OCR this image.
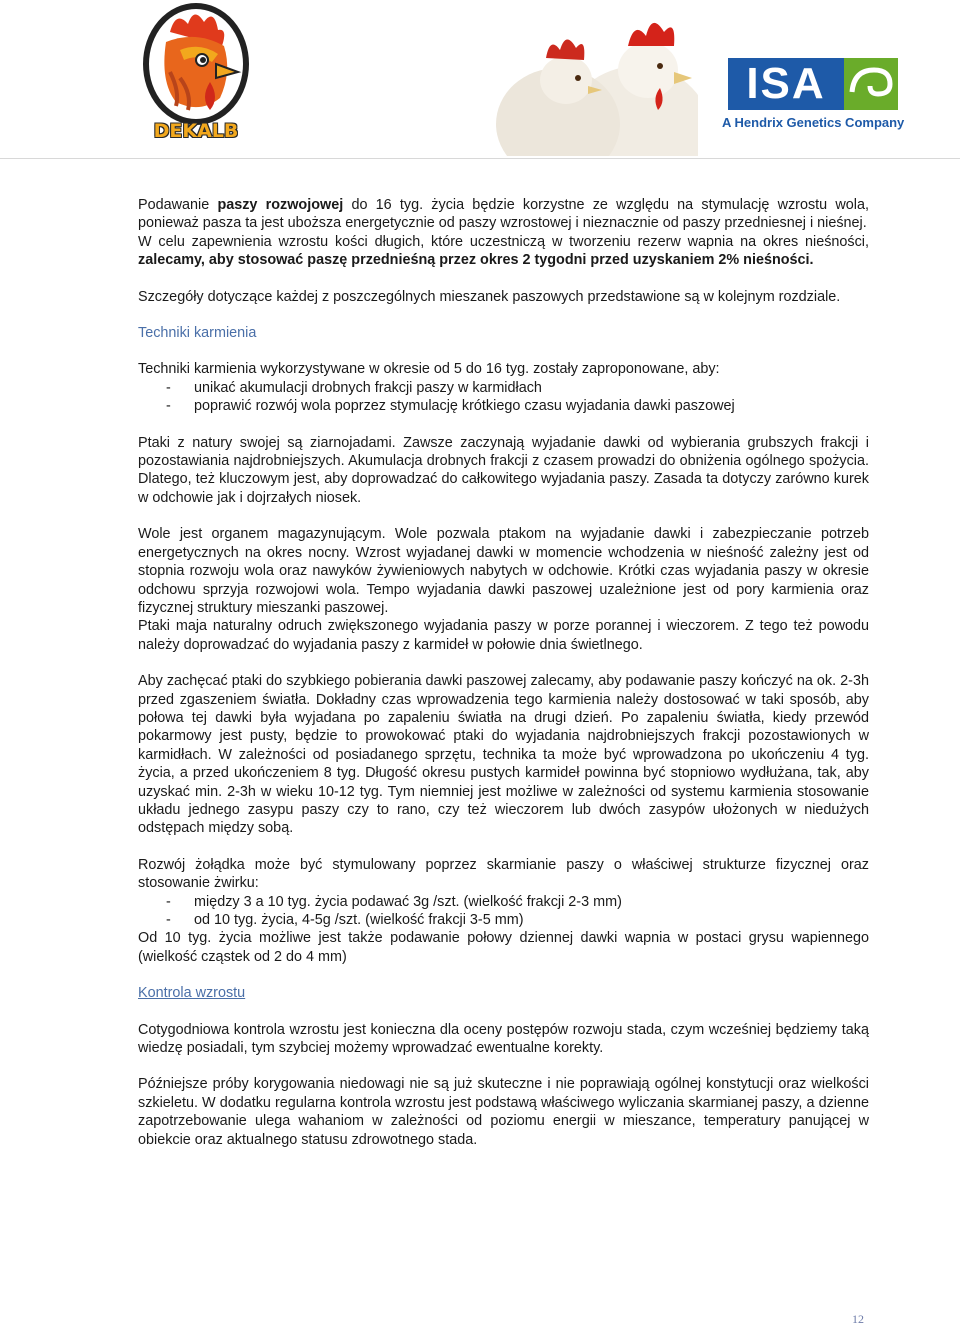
DEKALB
ISA
A Hendrix Genetics Company

Podawanie paszy rozwojowej do 16 tyg. życia będzie korzystne ze względu na stymulację wzrostu wola, ponieważ pasza ta jest uboższa energetycznie od paszy wzrostowej i nieznacznie od paszy przedniesnej i nieśnej.

W celu zapewnienia wzrostu kości długich, które uczestniczą w tworzeniu rezerw wapnia na okres nieśności, zalecamy, aby stosować paszę przednieśną przez okres 2 tygodni przed uzyskaniem 2% nieśności.

Szczegóły dotyczące każdej z poszczególnych mieszanek paszowych przedstawione są w kolejnym rozdziale.

Techniki karmienia

Techniki karmienia wykorzystywane w okresie od 5 do 16 tyg. zostały zaproponowane, aby:

-	unikać akumulacji drobnych frakcji paszy w karmidłach
-	poprawić rozwój wola poprzez stymulację krótkiego czasu wyjadania dawki paszowej

Ptaki z natury swojej są ziarnojadami. Zawsze zaczynają wyjadanie dawki od wybierania grubszych frakcji i pozostawiania najdrobniejszych. Akumulacja drobnych frakcji z czasem prowadzi do obniżenia ogólnego spożycia. Dlatego, też kluczowym jest, aby doprowadzać do całkowitego wyjadania paszy. Zasada ta dotyczy zarówno kurek w odchowie jak i dojrzałych niosek.

Wole jest organem magazynującym. Wole pozwala ptakom na wyjadanie dawki i zabezpieczanie potrzeb energetycznych na okres nocny. Wzrost wyjadanej dawki w momencie wchodzenia w nieśność zależny jest od stopnia rozwoju wola oraz nawyków żywieniowych nabytych w odchowie. Krótki czas wyjadania paszy w okresie odchowu sprzyja rozwojowi wola. Tempo wyjadania dawki paszowej uzależnione jest od pory karmienia oraz fizycznej struktury mieszanki paszowej.

Ptaki maja naturalny odruch zwiększonego wyjadania paszy w porze porannej i wieczorem. Z tego też powodu należy doprowadzać do wyjadania paszy z karmideł w połowie dnia świetlnego.

Aby zachęcać ptaki do szybkiego pobierania dawki paszowej zalecamy, aby podawanie paszy kończyć na ok. 2-3h przed zgaszeniem światła. Dokładny czas wprowadzenia tego karmienia należy dostosować w taki sposób, aby połowa tej dawki była wyjadana po zapaleniu światła na drugi dzień. Po zapaleniu światła, kiedy przewód pokarmowy jest pusty, będzie to prowokować ptaki do wyjadania najdrobniejszych frakcji pozostawionych w karmidłach. W zależności od posiadanego sprzętu, technika ta może być wprowadzona po ukończeniu 4 tyg. życia, a przed ukończeniem 8 tyg. Długość okresu pustych karmideł powinna być stopniowo wydłużana, tak, aby uzyskać min. 2-3h w wieku 10-12 tyg. Tym niemniej jest możliwe w zależności od systemu karmienia stosowanie układu jednego zasypu paszy czy to rano, czy też wieczorem lub dwóch zasypów ułożonych w niedużych odstępach między sobą.

Rozwój żołądka może być stymulowany poprzez skarmianie paszy o właściwej strukturze fizycznej oraz stosowanie żwirku:

-	między 3 a 10 tyg. życia podawać 3g /szt. (wielkość frakcji 2-3 mm)
-	od 10 tyg. życia, 4-5g /szt. (wielkość frakcji 3-5 mm)

Od 10 tyg. życia możliwe jest także podawanie połowy dziennej dawki wapnia w postaci grysu wapiennego (wielkość cząstek od 2 do 4 mm)

Kontrola wzrostu

Cotygodniowa kontrola wzrostu jest konieczna dla oceny postępów rozwoju stada, czym wcześniej będziemy taką wiedzę posiadali, tym szybciej możemy wprowadzać ewentualne korekty.

Późniejsze próby korygowania niedowagi nie są już skuteczne i nie poprawiają ogólnej konstytucji oraz wielkości szkieletu. W dodatku regularna kontrola wzrostu jest podstawą właściwego wyliczania skarmianej paszy, a dzienne zapotrzebowanie ulega wahaniom w zależności od poziomu energii w mieszance, temperatury panującej w obiekcie oraz aktualnego statusu zdrowotnego stada.

12
